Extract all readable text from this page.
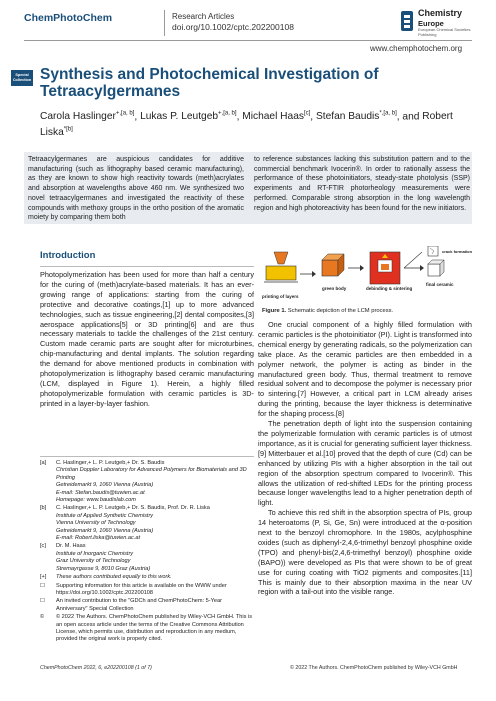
ChemPhotoChem	Research Articles
doi.org/10.1002/cptc.202200108
Chemistry
Europe
European Chemical Societies Publishing
www.chemphotochem.org
Special
Collection Synthesis and Photochemical Investigation of Tetraacylgermanes
Carola Haslinger$^{+,[a, b]}$, Lukas P. Leutgeb$^{+,[a, b]}$, Michael Haas[c], Stefan Baudis$^{*,[a, b]}$, and Robert Liska$^{*[b]}$
Tetraacylgermanes are auspicious candidates for additive manufacturing (such as lithography based ceramic manufacturing), as they are known to show high reactivity towards (meth)acrylates and absorption at wavelengths above 460 nm. We synthesized two novel tetraacylgermanes and investigated the reactivity of these compounds with methoxy groups in the ortho position of the aromatic moiety by comparing them both
to reference substances lacking this substitution pattern and to the commercial benchmark Ivocerin®. In order to rationally assess the performance of these photoinitiators, steady-state photolysis (SSP) experiments and RT-FTIR photorheology measurements were performed. Comparable strong absorption in the long wavelength region and high photoreactivity has been found for the new initiators.
Introduction
Photopolymerization has been used for more than half a century for the curing of (meth)acrylate-based materials. It has an ever-growing range of applications: starting from the curing of protective and decorative coatings,[1] up to more advanced technologies, such as tissue engineering,[2] dental composites,[3] aerospace applications[5] or 3D printing[6] and are thus necessary materials to tackle the challenges of the 21st century. Custom made ceramic parts are sought after for microturbines, chip-manufacturing and dental implants. The solution regarding the demand for above mentioned products in combination with photopolymerization is lithography based ceramic manufacturing (LCM, displayed in Figure 1). Herein, a highly filled photopolymerizable formulation with ceramic particles is 3D-printed in a layer-by-layer fashion.
[a]	C. Haslinger,+ L. P. Leutgeb,+ Dr. S. Baudis
Christian Doppler Laboratory for Advanced Polymers for Biomaterials and 3D Printing
Getreidemarkt 9, 1060 Vienna (Austria)
E-mail: Stefan.baudis@tuwien.ac.at
Homepage: www.baudislab.com
[b]	C. Haslinger,+ L. P. Leutgeb,+ Dr. S. Baudis, Prof. Dr. R. Liska
Institute of Applied Synthetic Chemistry
Vienna University of Technology
Getreidemarkt 9, 1060 Vienna (Austria)
E-mail: Robert.liska@tuwien.ac.at
[c]	Dr. M. Haas
Institute of Inorganic Chemistry
Graz University of Technology
Stremayrgasse 9, 8010 Graz (Austria)
[+]	These authors contributed equally to this work.
☐	Supporting information for this article is available on the WWW under https://doi.org/10.1002/cptc.202200108
☐	An invited contribution to the "GDCh and ChemPhotoChem: 5-Year Anniversary" Special Collection
©	© 2022 The Authors. ChemPhotoChem published by Wiley-VCH GmbH. This is an open access article under the terms of the Creative Commons Attribution License, which permits use, distribution and reproduction in any medium, provided the original work is properly cited.
printing of layers
green body	debinding & sintering
final ceramic
crack formation
Figure 1. Schematic depiction of the LCM process.

One crucial component of a highly filled formulation with ceramic particles is the photoinitiator (PI). Light is transformed into chemical energy by generating radicals, so the polymerization can take place. As the ceramic particles are then embedded in a polymer network, the polymer is acting as binder in the manufactured green body. Thus, thermal treatment to remove residual solvent and to decompose the polymer is necessary prior to sintering.[7] However, a critical part in LCM already arises during the printing, because the layer thickness is determinative for the shaping process.[8]

The penetration depth of light into the suspension containing the polymerizable formulation with ceramic particles is of utmost importance, as it is crucial for generating sufficient layer thickness.[9] Mitterbauer et al.[10] proved that the depth of cure (Cd) can be enhanced by utilizing PIs with a higher absorption in the tail out region of the absorption spectrum compared to Ivocerin®. This allows the utilization of red-shifted LEDs for the printing process because longer wavelengths lead to a higher penetration depth of light.

To achieve this red shift in the absorption spectra of PIs, group 14 heteroatoms (P, Si, Ge, Sn) were introduced at the α-position next to the benzoyl chromophore. In the 1980s, acylphosphine oxides (such as diphenyl-2,4,6-trimethyl benzoyl phosphine oxide (TPO) and phenyl-bis(2,4,6-trimethyl benzoyl) phosphine oxide (BAPO)) were developed as PIs that were shown to be of great use for curing coating with TiO2 pigments and composites.[11] This is mainly due to their absorption maxima in the near UV region with a tail-out into the visible range.

ChemPhotoChem 2022, 6, e202200108 (1 of 7)	© 2022 The Authors. ChemPhotoChem published by Wiley-VCH GmbH
